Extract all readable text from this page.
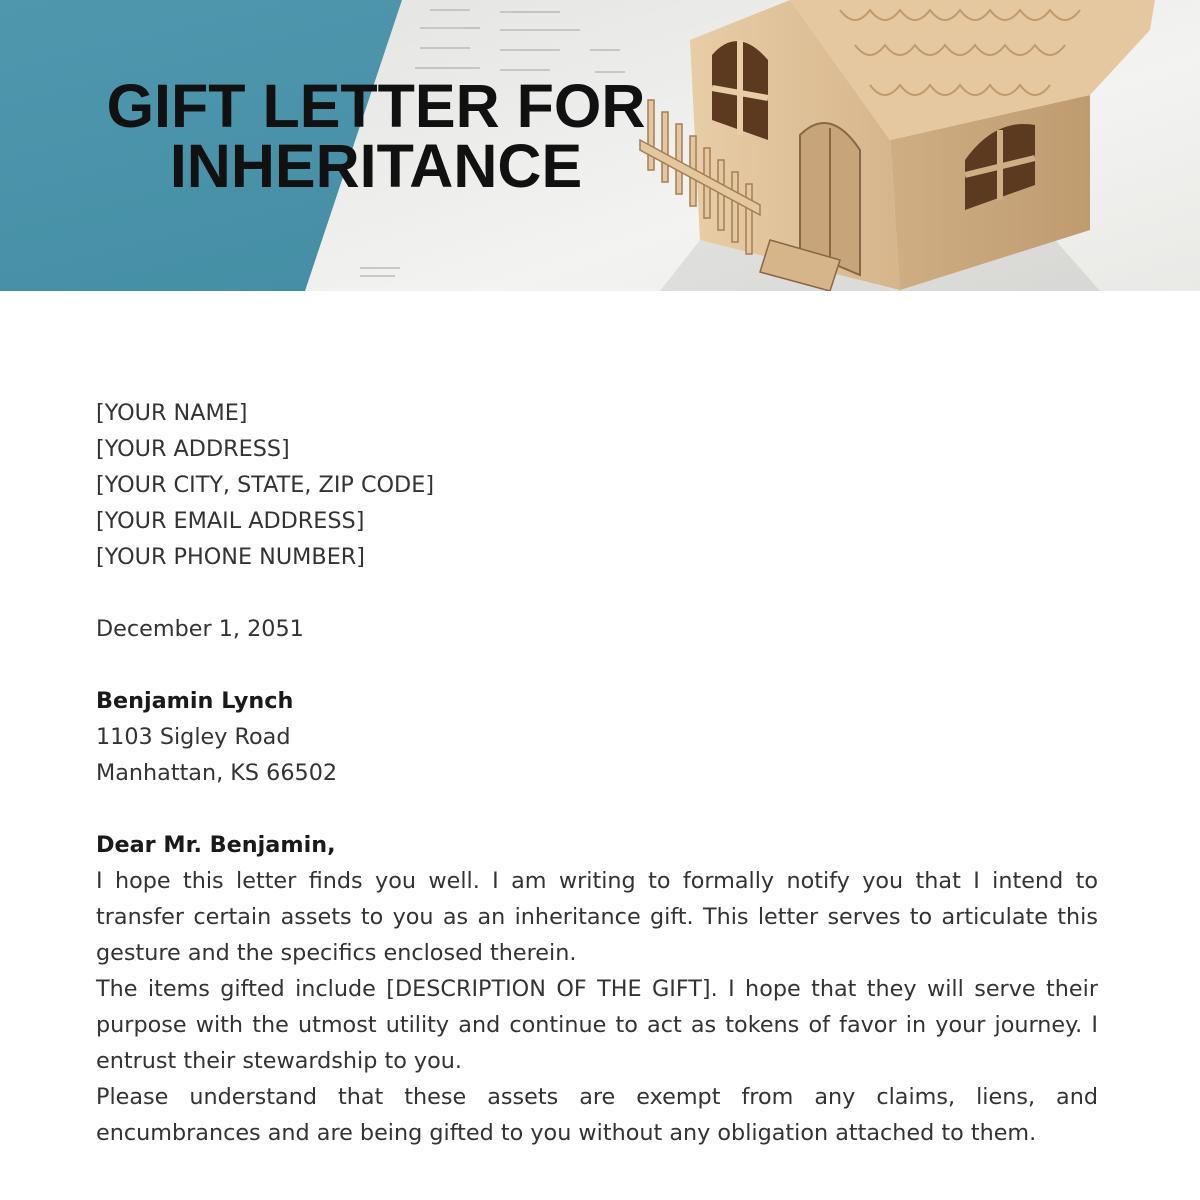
GIFT LETTER FOR
INHERITANCE
[YOUR NAME]
[YOUR ADDRESS]
[YOUR CITY, STATE, ZIP CODE]
[YOUR EMAIL ADDRESS]
[YOUR PHONE NUMBER]
December 1, 2051
Benjamin Lynch
1103 Sigley Road
Manhattan, KS 66502
Dear Mr. Benjamin,

I hope this letter finds you well. I am writing to formally notify you that I intend to transfer certain assets to you as an inheritance gift. This letter serves to articulate this gesture and the specifics enclosed therein.

The items gifted include [DESCRIPTION OF THE GIFT]. I hope that they will serve their purpose with the utmost utility and continue to act as tokens of favor in your journey. I entrust their stewardship to you.

Please understand that these assets are exempt from any claims, liens, and encumbrances and are being gifted to you without any obligation attached to them.
